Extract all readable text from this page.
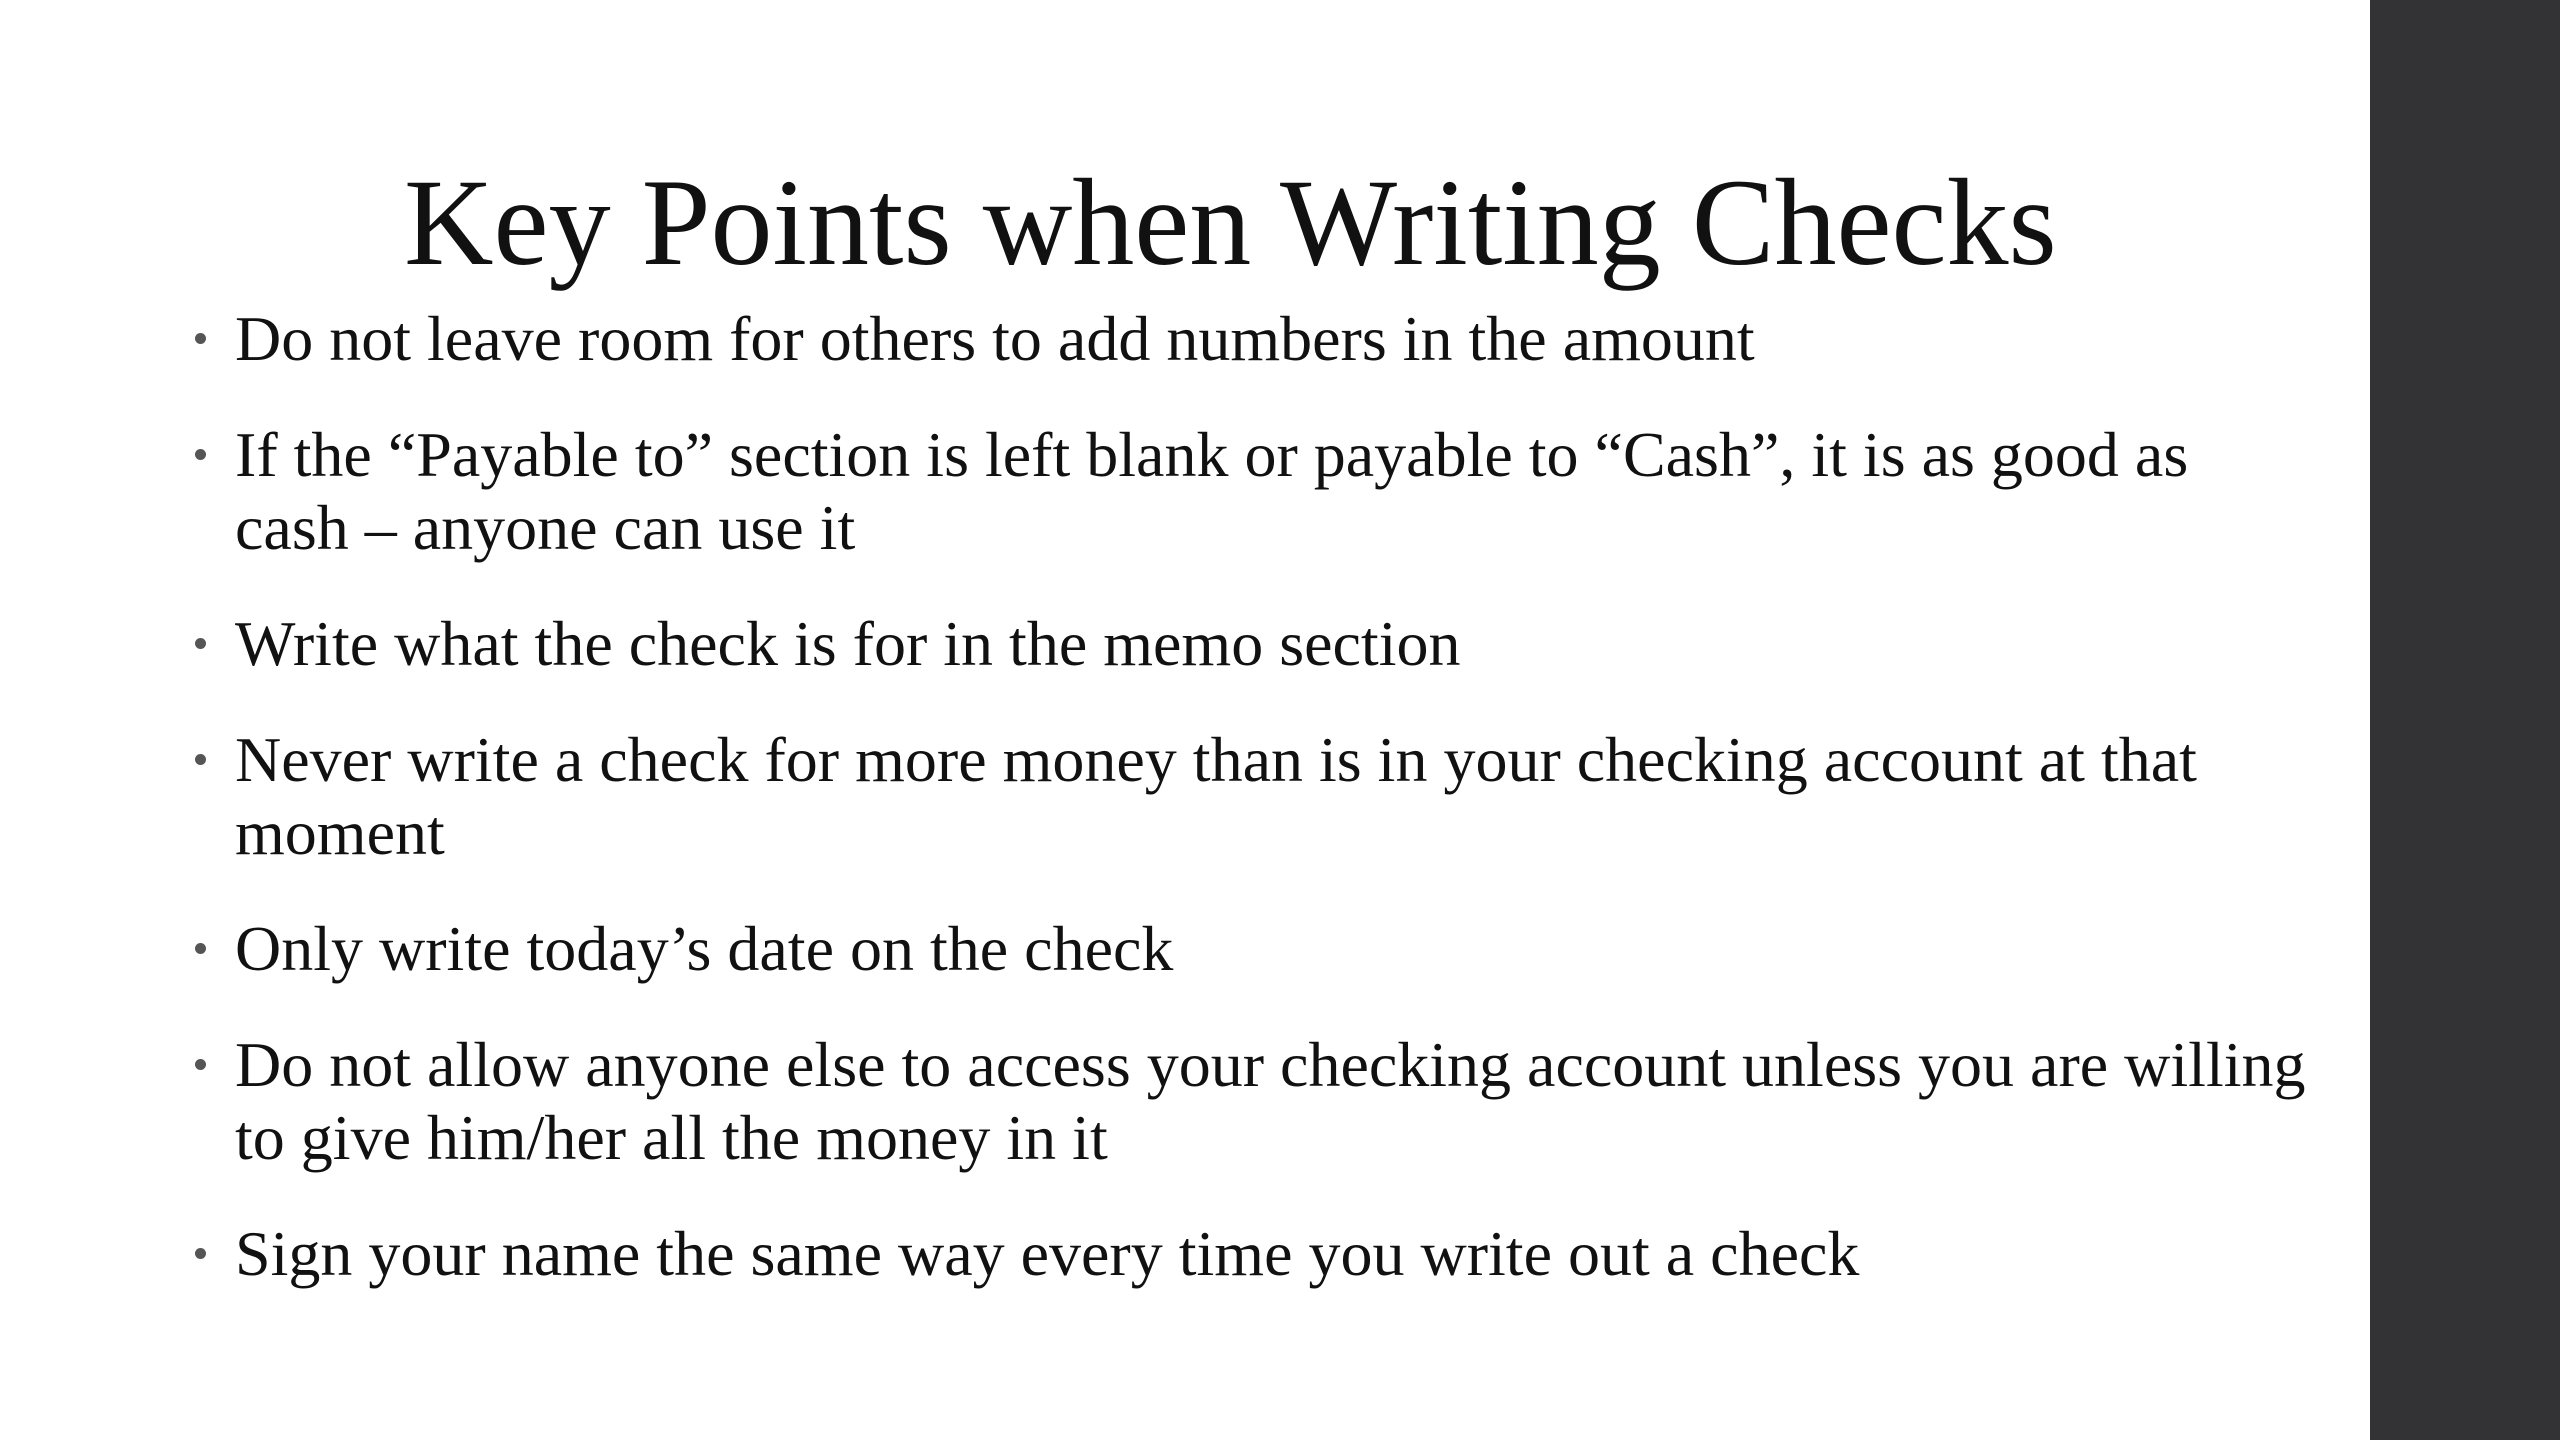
Key Points when Writing Checks
Do not leave room for others to add numbers in the amount
If the “Payable to” section is left blank or payable to “Cash”, it is as good as cash – anyone can use it
Write what the check is for in the memo section
Never write a check for more money than is in your checking account at that moment
Only write today’s date on the check
Do not allow anyone else to access your checking account unless you are willing to give him/her all the money in it
Sign your name the same way every time you write out a check
